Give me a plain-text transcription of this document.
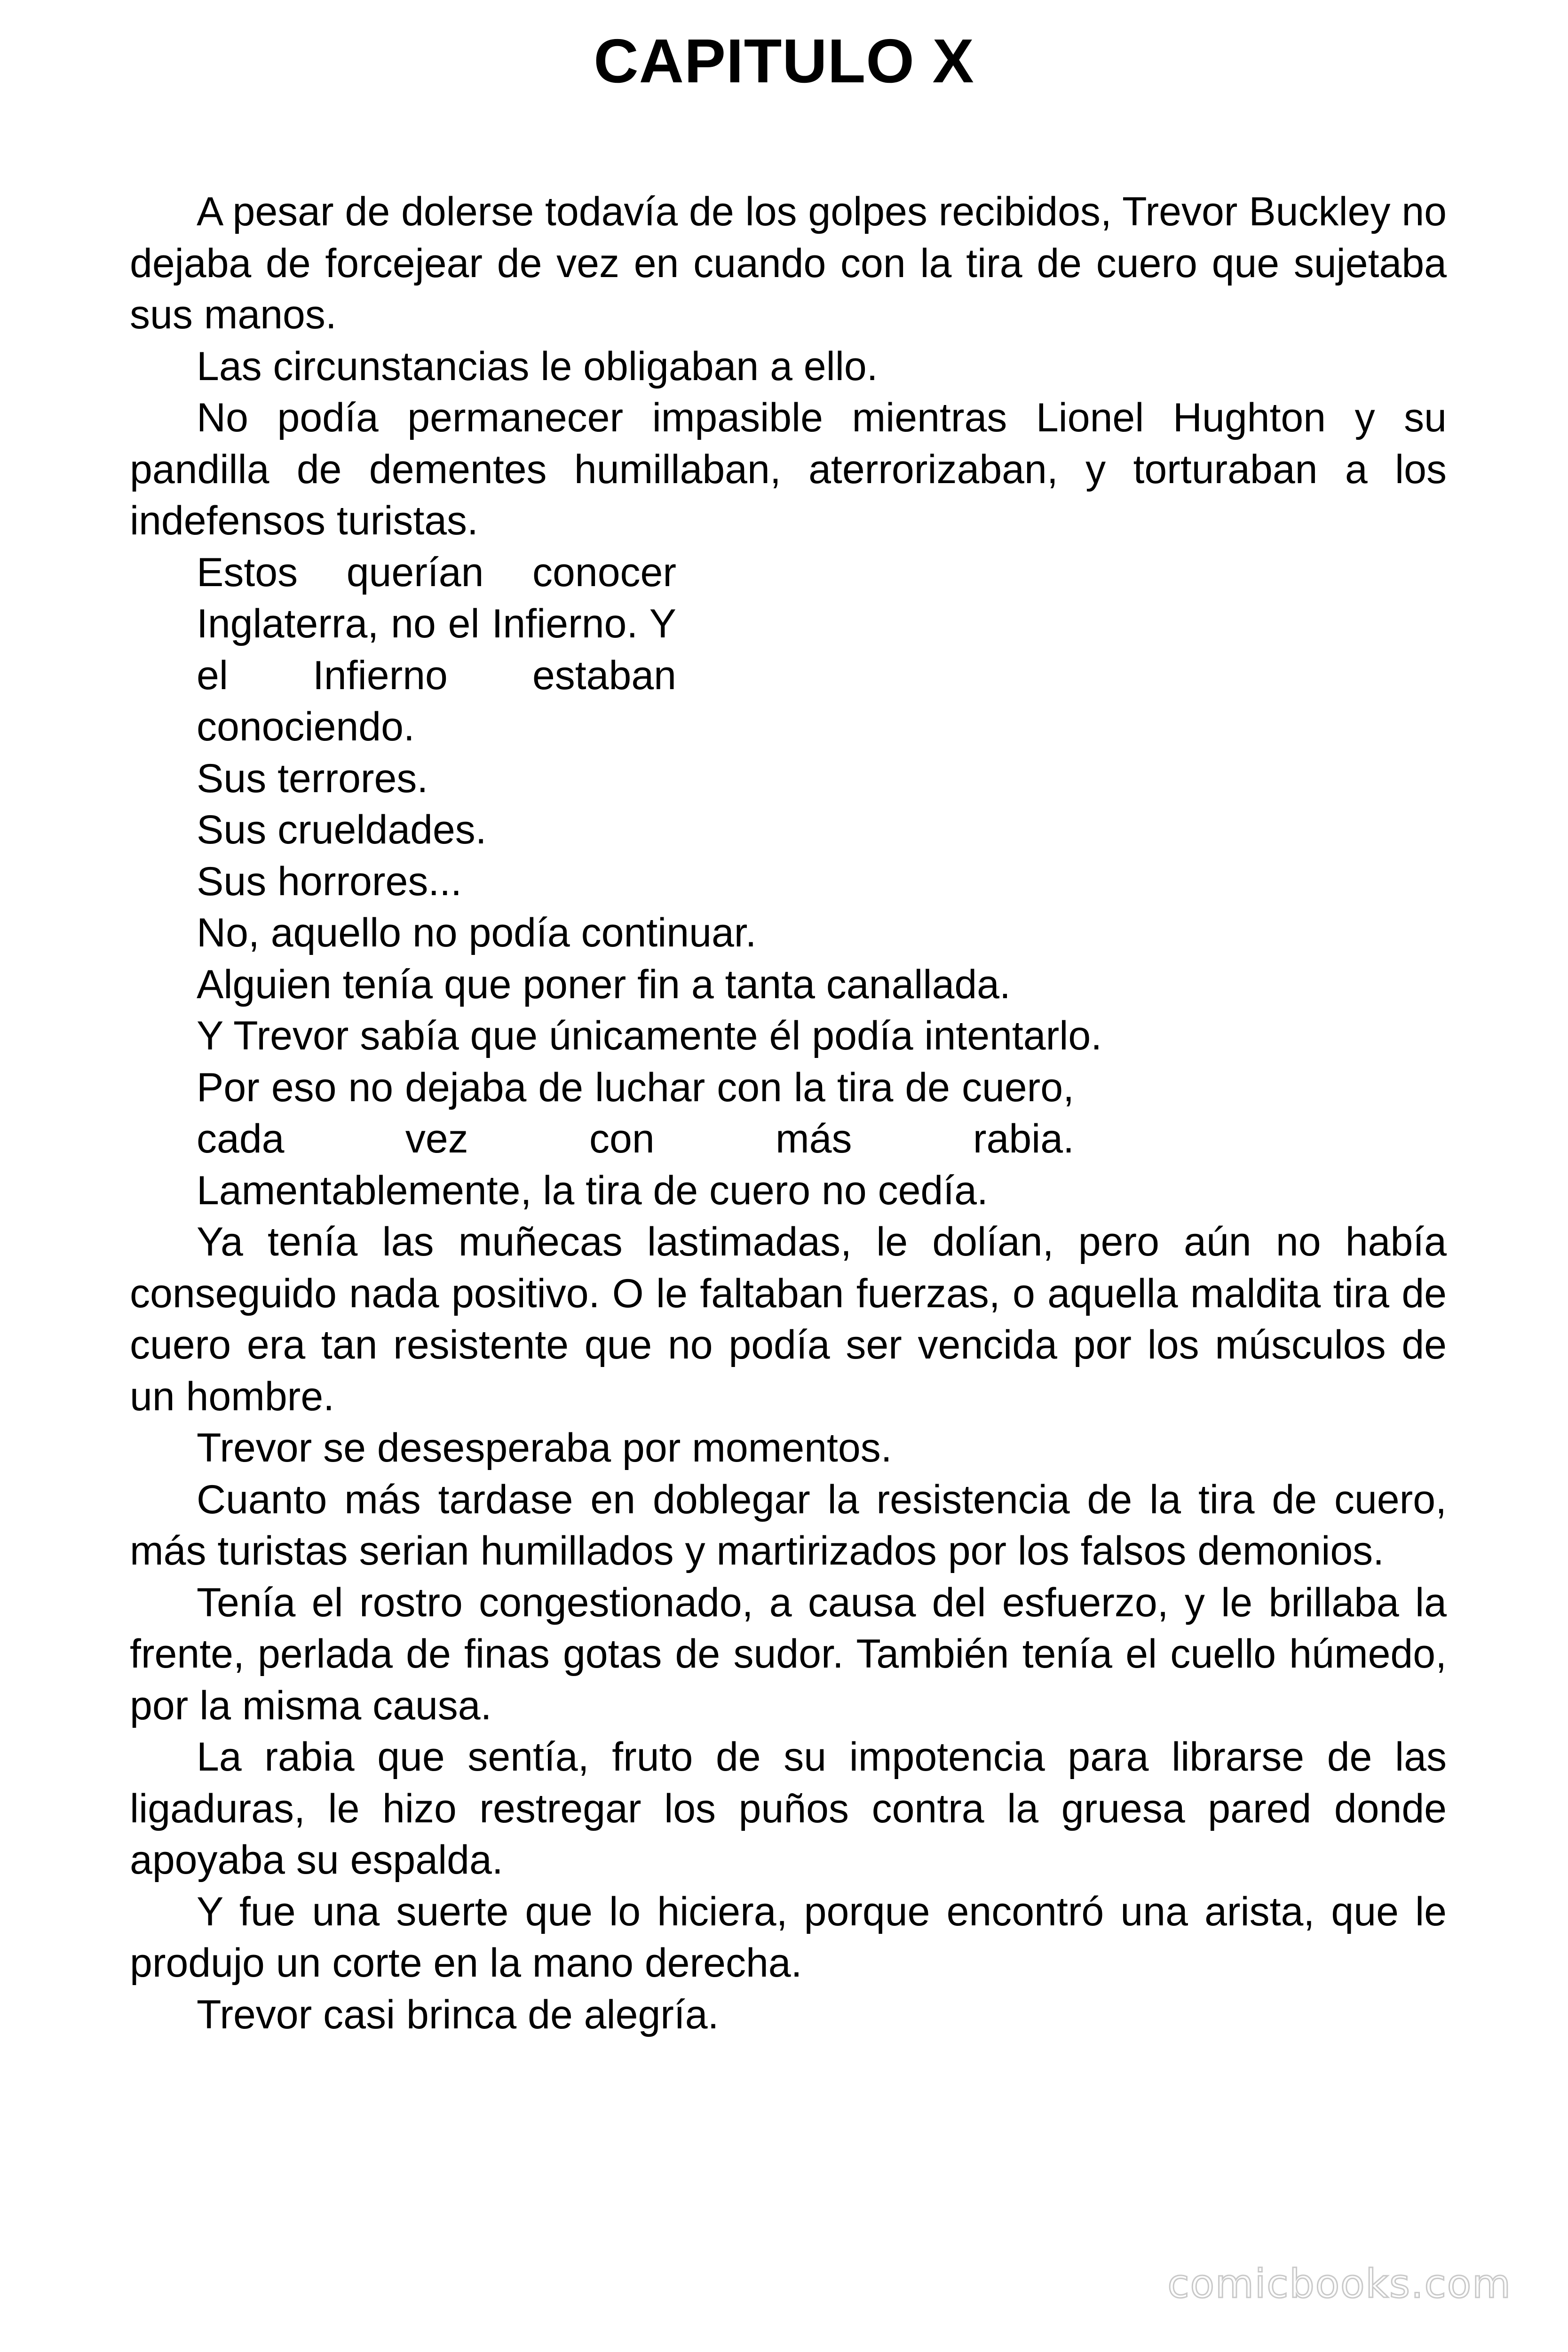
CAPITULO X

A pesar de dolerse todavía de los golpes recibidos, Trevor Buckley no dejaba de forcejear de vez en cuando con la tira de cuero que sujetaba sus manos.

Las circunstancias le obligaban a ello.

No podía permanecer impasible mientras Lionel Hughton y su pandilla de dementes humillaban, aterrorizaban, y torturaban a los indefensos turistas.

Estos querían conocer Inglaterra, no el Infierno. Y el Infierno estaban conociendo.

Sus terrores.

Sus crueldades.

Sus horrores...

No, aquello no podía continuar.

Alguien tenía que poner fin a tanta canallada.

Y Trevor sabía que únicamente él podía intentarlo.

Por eso no dejaba de luchar con la tira de cuero, cada vez con más rabia.

Lamentablemente, la tira de cuero no cedía.

Ya tenía las muñecas lastimadas, le dolían, pero aún no había conseguido nada positivo. O le faltaban fuerzas, o aquella maldita tira de cuero era tan resistente que no podía ser vencida por los músculos de un hombre.

Trevor se desesperaba por momentos.

Cuanto más tardase en doblegar la resistencia de la tira de cuero, más turistas serian humillados y martirizados por los falsos demonios.

Tenía el rostro congestionado, a causa del esfuerzo, y le brillaba la frente, perlada de finas gotas de sudor. También tenía el cuello húmedo, por la misma causa.

La rabia que sentía, fruto de su impotencia para librarse de las ligaduras, le hizo restregar los puños contra la gruesa pared donde apoyaba su espalda.

Y fue una suerte que lo hiciera, porque encontró una arista, que le produjo un corte en la mano derecha.

Trevor casi brinca de alegría.

comicbooks.com
